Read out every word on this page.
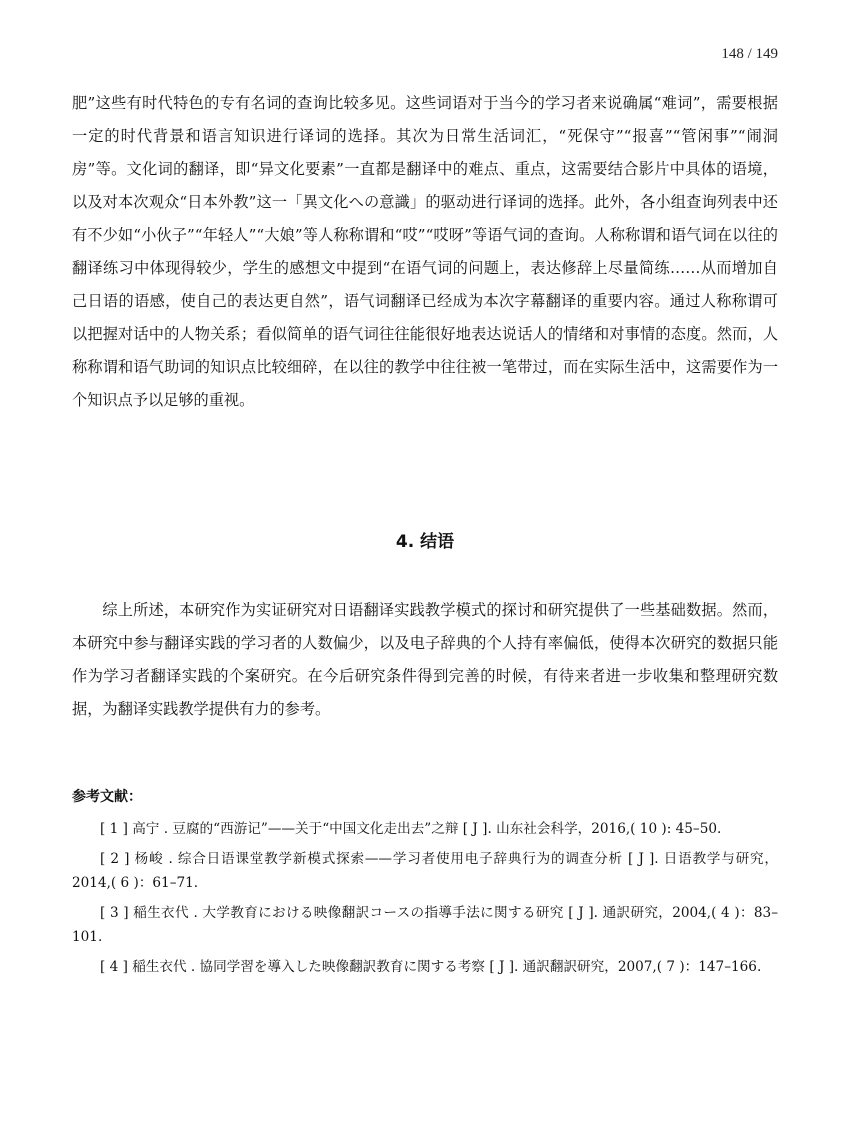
148 / 149

肥”这些有时代特色的专有名词的查询比较多见。这些词语对于当今的学习者来说确属“难词”，需要根据一定的时代背景和语言知识进行译词的选择。其次为日常生活词汇，“死保守”“报喜”“管闲事”“闹洞房”等。文化词的翻译，即“异文化要素”一直都是翻译中的难点、重点，这需要结合影片中具体的语境，以及对本次观众“日本外教”这一「異文化への意識」的驱动进行译词的选择。此外，各小组查询列表中还有不少如“小伙子”“年轻人”“大娘”等人称称谓和“哎”“哎呀”等语气词的查询。人称称谓和语气词在以往的翻译练习中体现得较少，学生的感想文中提到“在语气词的问题上，表达修辞上尽量简练……从而增加自己日语的语感，使自己的表达更自然”，语气词翻译已经成为本次字幕翻译的重要内容。通过人称称谓可以把握对话中的人物关系；看似简单的语气词往往能很好地表达说话人的情绪和对事情的态度。然而，人称称谓和语气助词的知识点比较细碎，在以往的教学中往往被一笔带过，而在实际生活中，这需要作为一个知识点予以足够的重视。

4. 结语

综上所述，本研究作为实证研究对日语翻译实践教学模式的探讨和研究提供了一些基础数据。然而，本研究中参与翻译实践的学习者的人数偏少，以及电子辞典的个人持有率偏低，使得本次研究的数据只能作为学习者翻译实践的个案研究。在今后研究条件得到完善的时候，有待来者进一步收集和整理研究数据，为翻译实践教学提供有力的参考。

参考文献：

[ 1 ] 高宁 . 豆腐的“西游记”——关于“中国文化走出去”之辩 [ J ]. 山东社会科学，2016,( 10 ): 45–50.

[ 2 ] 杨峻 . 综合日语课堂教学新模式探索——学习者使用电子辞典行为的调查分析 [ J ]. 日语教学与研究，2014,( 6 )：61–71.

[ 3 ] 稲生衣代 . 大学教育における映像翻訳コースの指導手法に関する研究 [ J ]. 通訳研究，2004,( 4 )：83–101.

[ 4 ] 稲生衣代 . 協同学習を導入した映像翻訳教育に関する考察 [ J ]. 通訳翻訳研究，2007,( 7 )：147–166.
